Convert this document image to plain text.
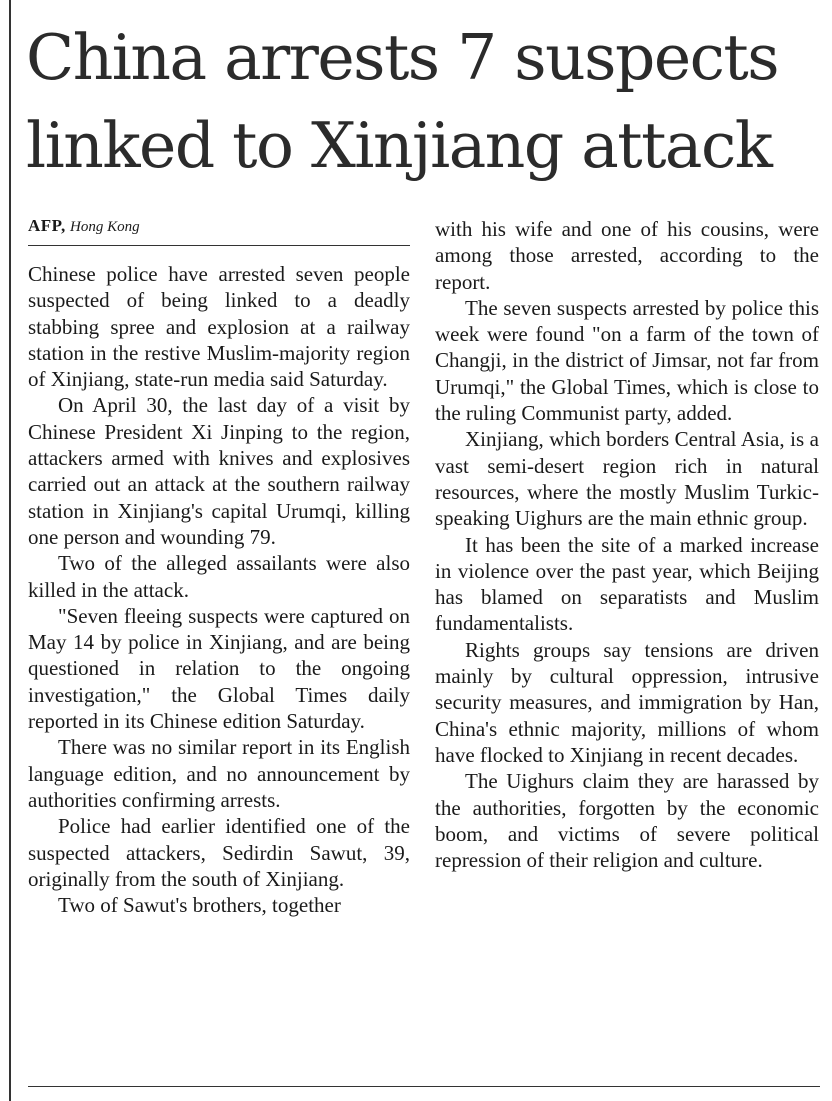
China arrests 7 suspects
linked to Xinjiang attack
AFP, Hong Kong

Chinese police have arrested seven people suspected of being linked to a deadly stabbing spree and explosion at a railway station in the restive Muslim-majority region of Xinjiang, state-run media said Saturday.

On April 30, the last day of a visit by Chinese President Xi Jinping to the region, attackers armed with knives and explosives carried out an attack at the southern railway station in Xinjiang's capital Urumqi, killing one person and wounding 79.

Two of the alleged assailants were also killed in the attack.

"Seven fleeing suspects were captured on May 14 by police in Xinjiang, and are being questioned in relation to the ongoing investigation," the Global Times daily reported in its Chinese edition Saturday.

There was no similar report in its English language edition, and no announcement by authorities confirming arrests.

Police had earlier identified one of the suspected attackers, Sedirdin Sawut, 39, originally from the south of Xinjiang.

Two of Sawut's brothers, together

with his wife and one of his cousins, were among those arrested, according to the report.

The seven suspects arrested by police this week were found "on a farm of the town of Changji, in the district of Jimsar, not far from Urumqi," the Global Times, which is close to the ruling Communist party, added.

Xinjiang, which borders Central Asia, is a vast semi-desert region rich in natural resources, where the mostly Muslim Turkic-speaking Uighurs are the main ethnic group.

It has been the site of a marked increase in violence over the past year, which Beijing has blamed on separatists and Muslim fundamentalists.

Rights groups say tensions are driven mainly by cultural oppression, intrusive security measures, and immigration by Han, China's ethnic majority, millions of whom have flocked to Xinjiang in recent decades.

The Uighurs claim they are harassed by the authorities, forgotten by the economic boom, and victims of severe political repression of their religion and culture.
